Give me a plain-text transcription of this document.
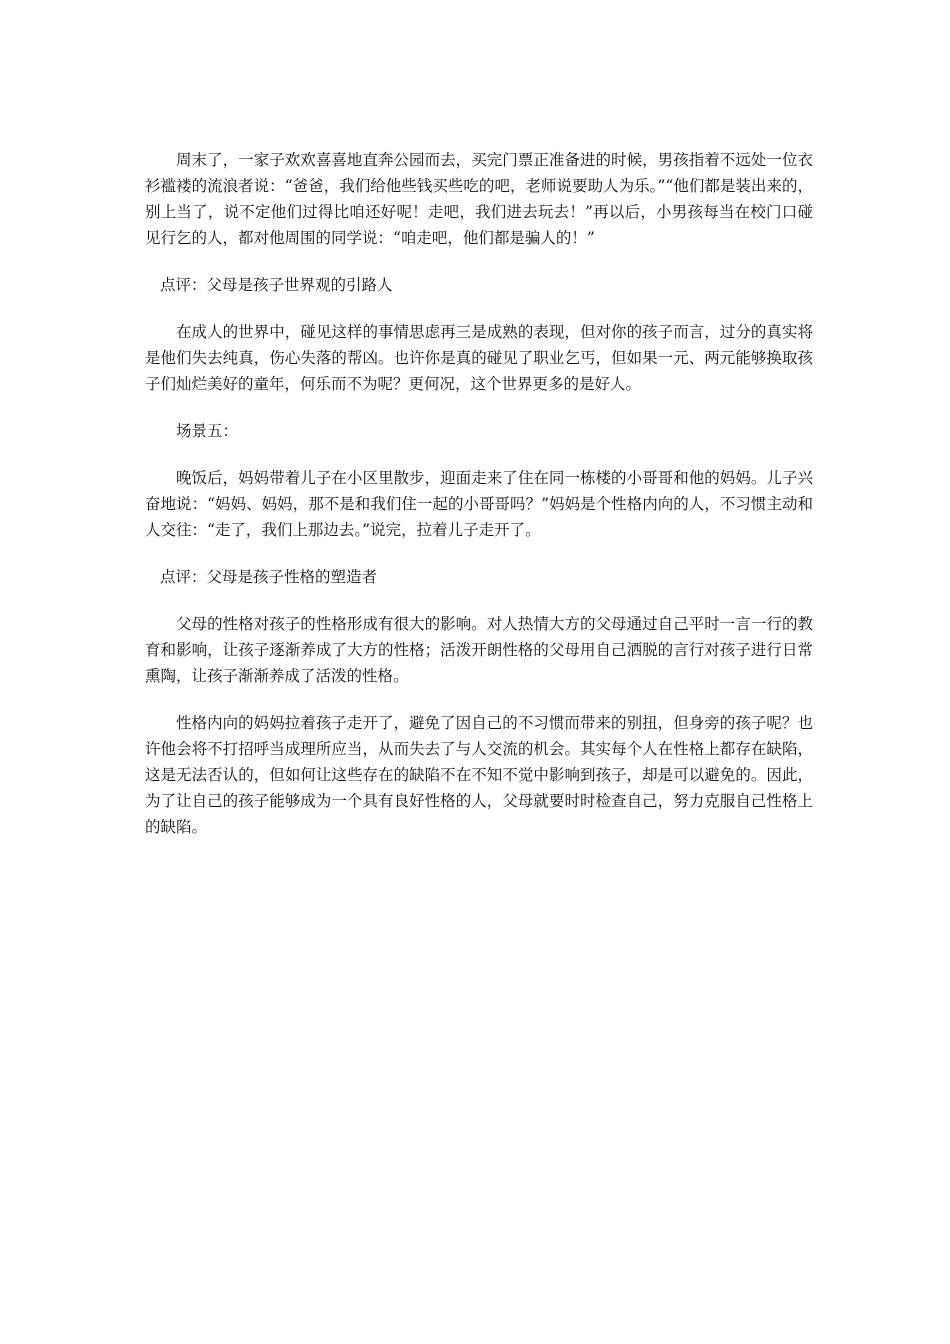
周末了，一家子欢欢喜喜地直奔公园而去，买完门票正准备进的时候，男孩指着不远处一位衣衫褴褛的流浪者说：“爸爸，我们给他些钱买些吃的吧，老师说要助人为乐。”“他们都是装出来的，别上当了，说不定他们过得比咱还好呢！走吧，我们进去玩去！”再以后，小男孩每当在校门口碰见行乞的人，都对他周围的同学说：“咱走吧，他们都是骗人的！”

点评：父母是孩子世界观的引路人

在成人的世界中，碰见这样的事情思虑再三是成熟的表现，但对你的孩子而言，过分的真实将是他们失去纯真，伤心失落的帮凶。也许你是真的碰见了职业乞丐，但如果一元、两元能够换取孩子们灿烂美好的童年，何乐而不为呢？更何况，这个世界更多的是好人。

场景五：

晚饭后，妈妈带着儿子在小区里散步，迎面走来了住在同一栋楼的小哥哥和他的妈妈。儿子兴奋地说：“妈妈、妈妈，那不是和我们住一起的小哥哥吗？”妈妈是个性格内向的人，不习惯主动和人交往：“走了，我们上那边去。”说完，拉着儿子走开了。

点评：父母是孩子性格的塑造者

父母的性格对孩子的性格形成有很大的影响。对人热情大方的父母通过自己平时一言一行的教育和影响，让孩子逐渐养成了大方的性格；活泼开朗性格的父母用自己洒脱的言行对孩子进行日常熏陶，让孩子渐渐养成了活泼的性格。

性格内向的妈妈拉着孩子走开了，避免了因自己的不习惯而带来的别扭，但身旁的孩子呢？也许他会将不打招呼当成理所应当，从而失去了与人交流的机会。其实每个人在性格上都存在缺陷，这是无法否认的，但如何让这些存在的缺陷不在不知不觉中影响到孩子，却是可以避免的。因此，为了让自己的孩子能够成为一个具有良好性格的人，父母就要时时检查自己，努力克服自己性格上的缺陷。
